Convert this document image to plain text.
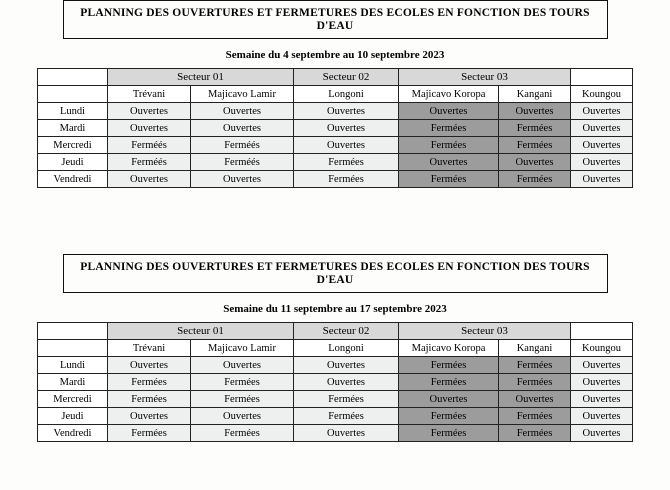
PLANNING DES OUVERTURES ET FERMETURES DES ECOLES EN FONCTION DES TOURS D'EAU
Semaine du 4 septembre au 10 septembre 2023
	Secteur 01		Secteur 02	Secteur 03		
	Trévani	Majicavo Lamir	Longoni	Majicavo Koropa	Kangani	Koungou
Lundi	Ouvertes	Ouvertes	Ouvertes	Ouvertes	Ouvertes	Ouvertes
Mardi	Ouvertes	Ouvertes	Ouvertes	Fermées	Fermées	Ouvertes
Mercredi	Ferméés	Ferméés	Ouvertes	Fermées	Fermées	Ouvertes
Jeudi	Ferméés	Ferméés	Fermées	Ouvertes	Ouvertes	Ouvertes
Vendredi	Ouvertes	Ouvertes	Fermées	Fermées	Fermées	Ouvertes
PLANNING DES OUVERTURES ET FERMETURES DES ECOLES EN FONCTION DES TOURS D'EAU
Semaine du 11 septembre au 17 septembre 2023
	Secteur 01		Secteur 02	Secteur 03		
	Trévani	Majicavo Lamir	Longoni	Majicavo Koropa	Kangani	Koungou
Lundi	Ouvertes	Ouvertes	Ouvertes	Fermées	Fermées	Ouvertes
Mardi	Fermées	Fermées	Ouvertes	Fermées	Fermées	Ouvertes
Mercredi	Fermées	Fermées	Fermées	Ouvertes	Ouvertes	Ouvertes
Jeudi	Ouvertes	Ouvertes	Fermées	Fermées	Fermées	Ouvertes
Vendredi	Fermées	Fermées	Ouvertes	Fermées	Fermées	Ouvertes
